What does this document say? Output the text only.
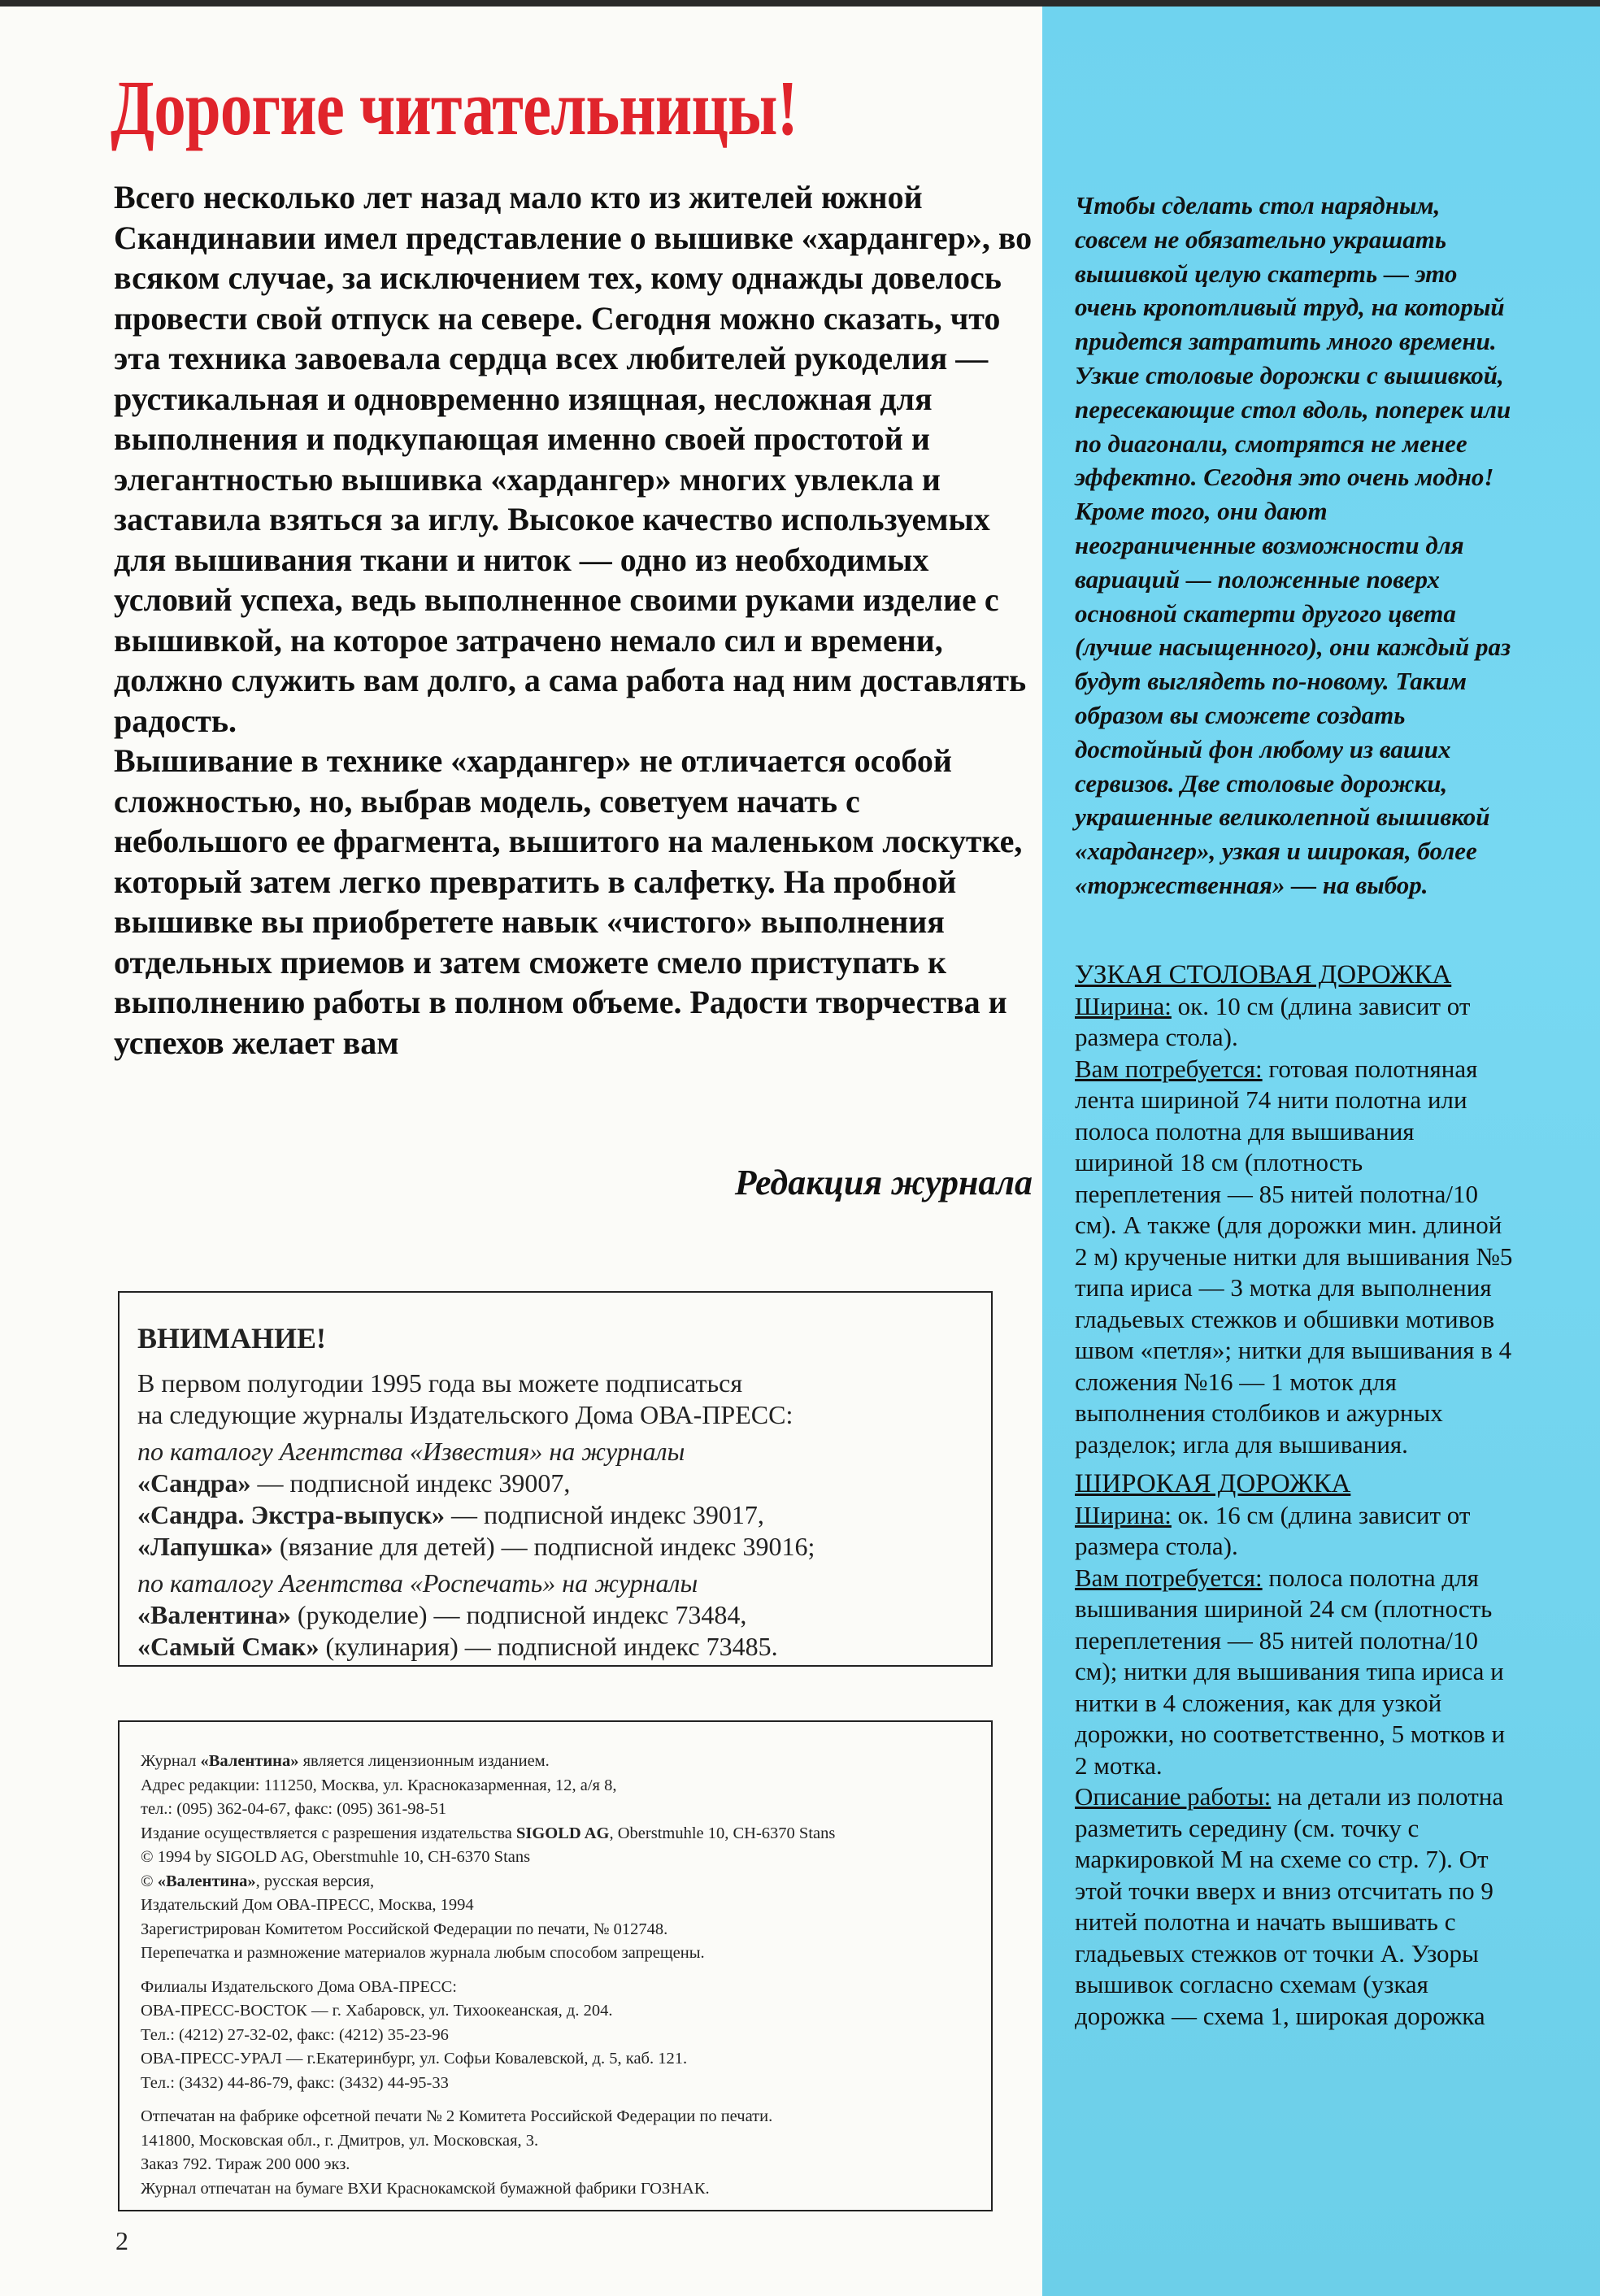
Дорогие читательницы!

Всего несколько лет назад мало кто из жителей южной Скандинавии имел представление о вышивке «хардангер», во всяком случае, за исключением тех, кому однажды довелось провести свой отпуск на севере. Сегодня можно сказать, что эта техника завоевала сердца всех любителей рукоделия — рустикальная и одновременно изящная, несложная для выполнения и подкупающая именно своей простотой и элегантностью вышивка «хардангер» многих увлекла и заставила взяться за иглу. Высокое качество используемых для вышивания ткани и ниток — одно из необходимых условий успеха, ведь выполненное своими руками изделие с вышивкой, на которое затрачено немало сил и времени, должно служить вам долго, а сама работа над ним доставлять радость.

Вышивание в технике «хардангер» не отличается особой сложностью, но, выбрав модель, советуем начать с небольшого ее фрагмента, вышитого на маленьком лоскутке, который затем легко превратить в салфетку. На пробной вышивке вы приобретете навык «чистого» выполнения отдельных приемов и затем сможете смело приступать к выполнению работы в полном объеме. Радости творчества и успехов желает вам

Редакция журнала
ВНИМАНИЕ!
В первом полугодии 1995 года вы можете подписаться
на следующие журналы Издательского Дома ОВА-ПРЕСС:
по каталогу Агентства «Известия» на журналы
«Сандра» — подписной индекс 39007,
«Сандра. Экстра-выпуск» — подписной индекс 39017,
«Лапушка» (вязание для детей) — подписной индекс 39016;
по каталогу Агентства «Роспечать» на журналы
«Валентина» (рукоделие) — подписной индекс 73484,
«Самый Смак» (кулинария) — подписной индекс 73485.
Журнал «Валентина» является лицензионным изданием.
Адрес редакции: 111250, Москва, ул. Красноказарменная, 12, а/я 8,
тел.: (095) 362-04-67, факс: (095) 361-98-51
Издание осуществляется с разрешения издательства SIGOLD AG, Oberstmuhle 10, CH-6370 Stans
© 1994 by SIGOLD AG, Oberstmuhle 10, CH-6370 Stans
© «Валентина», русская версия,
Издательский Дом ОВА-ПРЕСС, Москва, 1994
Зарегистрирован Комитетом Российской Федерации по печати, № 012748.
Перепечатка и размножение материалов журнала любым способом запрещены.
Филиалы Издательского Дома ОВА-ПРЕСС:
ОВА-ПРЕСС-ВОСТОК — г. Хабаровск, ул. Тихоокеанская, д. 204.
Тел.: (4212) 27-32-02, факс: (4212) 35-23-96
ОВА-ПРЕСС-УРАЛ — г.Екатеринбург, ул. Софьи Ковалевской, д. 5, каб. 121.
Тел.: (3432) 44-86-79, факс: (3432) 44-95-33
Отпечатан на фабрике офсетной печати № 2 Комитета Российской Федерации по печати.
141800, Московская обл., г. Дмитров, ул. Московская, 3.
Заказ 792. Тираж 200 000 экз.
Журнал отпечатан на бумаге ВХИ Краснокамской бумажной фабрики ГОЗНАК.
2
Чтобы сделать стол нарядным, совсем не обязательно украшать вышивкой целую скатерть — это очень кропотливый труд, на который придется затратить много времени. Узкие столовые дорожки с вышивкой, пересекающие стол вдоль, поперек или по диагонали, смотрятся не менее эффектно. Сегодня это очень модно! Кроме того, они дают неограниченные возможности для вариаций — положенные поверх основной скатерти другого цвета (лучше насыщенного), они каждый раз будут выглядеть по-новому. Таким образом вы сможете создать достойный фон любому из ваших сервизов. Две столовые дорожки, украшенные великолепной вышивкой «хардангер», узкая и широкая, более «торжественная» — на выбор.
УЗКАЯ СТОЛОВАЯ ДОРОЖКА

Ширина: ок. 10 см (длина зависит от размера стола).

Вам потребуется: готовая полотняная лента шириной 74 нити полотна или полоса полотна для вышивания шириной 18 см (плотность переплетения — 85 нитей полотна/10 см). А также (для дорожки мин. длиной 2 м) крученые нитки для вышивания №5 типа ириса — 3 мотка для выполнения гладьевых стежков и обшивки мотивов швом «петля»; нитки для вышивания в 4 сложения №16 — 1 моток для выполнения столбиков и ажурных разделок; игла для вышивания.

ШИРОКАЯ ДОРОЖКА

Ширина: ок. 16 см (длина зависит от размера стола).

Вам потребуется: полоса полотна для вышивания шириной 24 см (плотность переплетения — 85 нитей полотна/10 см); нитки для вышивания типа ириса и нитки в 4 сложения, как для узкой дорожки, но соответственно, 5 мотков и 2 мотка.

Описание работы: на детали из полотна разметить середину (см. точку с маркировкой М на схеме со стр. 7). От этой точки вверх и вниз отсчитать по 9 нитей полотна и начать вышивать с гладьевых стежков от точки А. Узоры вышивок согласно схемам (узкая дорожка — схема 1, широкая дорожка
